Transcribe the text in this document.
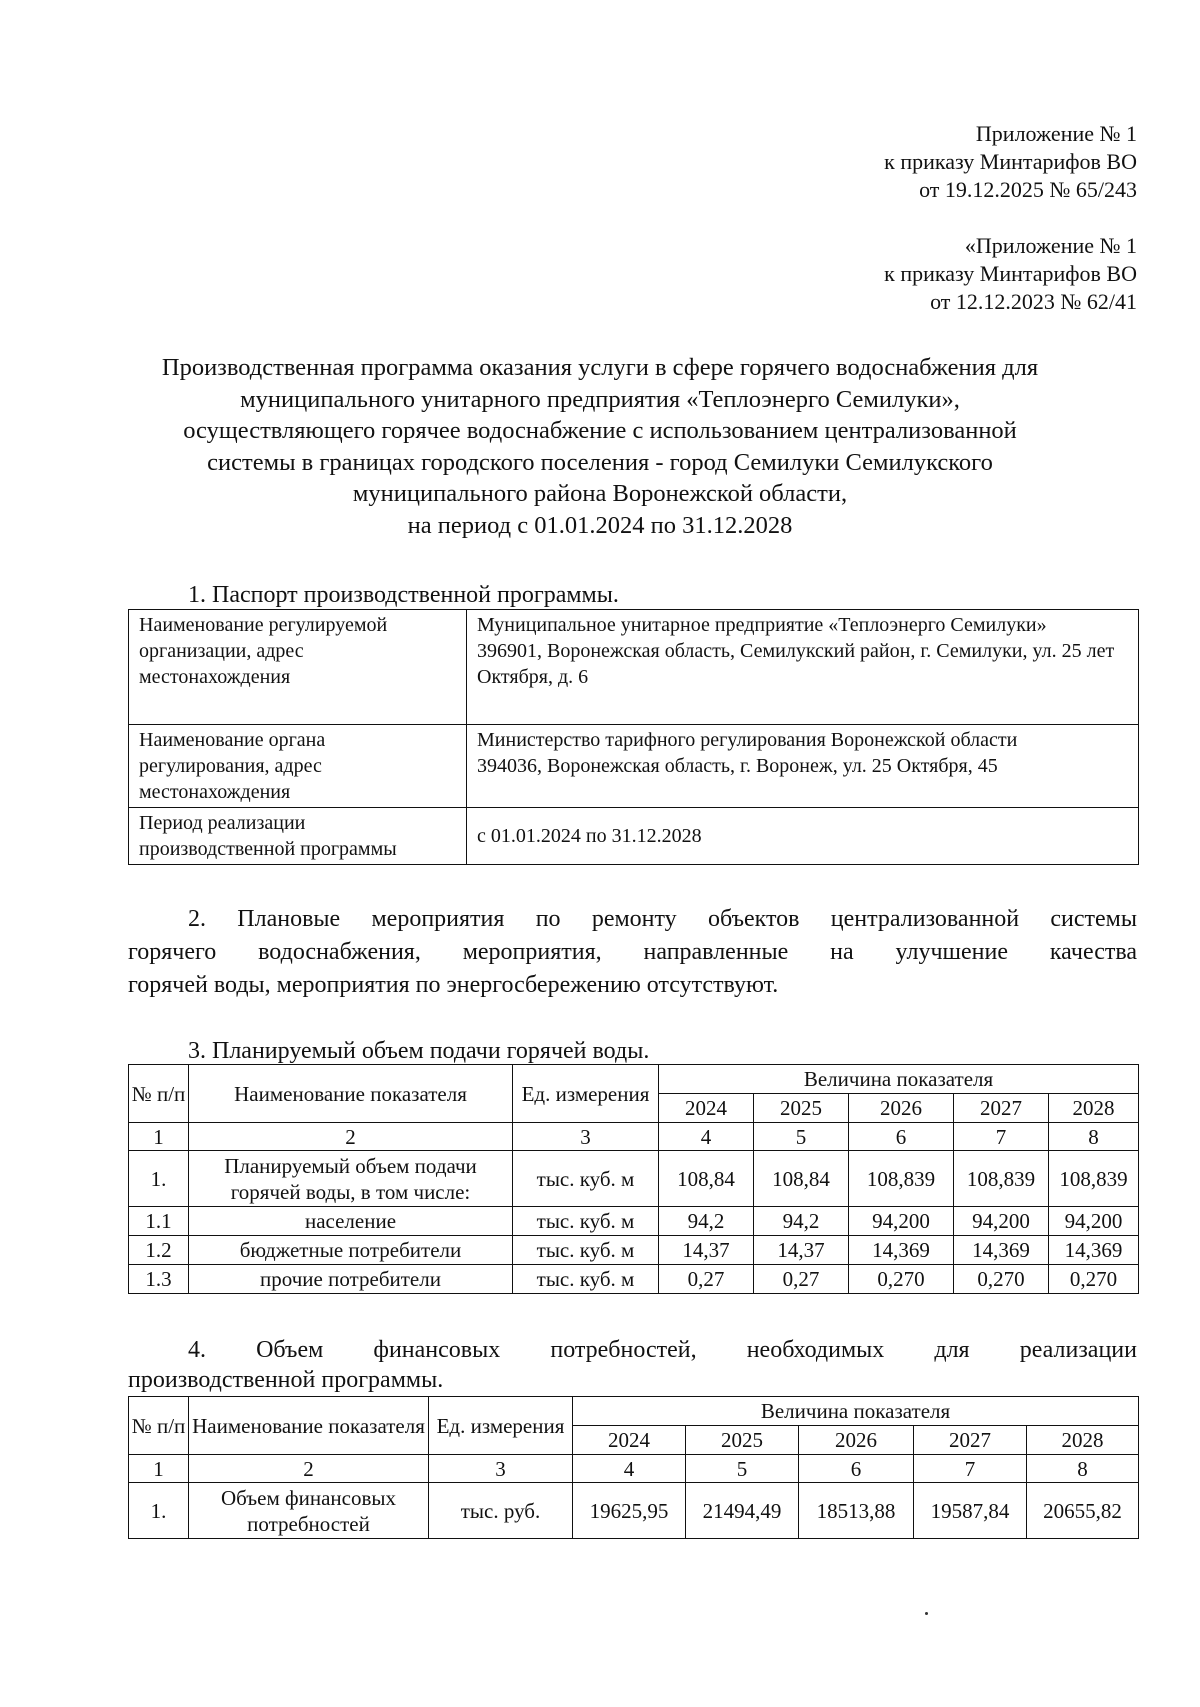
Приложение № 1
к приказу Минтарифов ВО
от 19.12.2025 № 65/243
«Приложение № 1
к приказу Минтарифов ВО
от 12.12.2023 № 62/41
Производственная программа оказания услуги в сфере горячего водоснабжения для
муниципального унитарного предприятия «Теплоэнерго Семилуки»,
осуществляющего горячее водоснабжение с использованием централизованной
системы в границах городского поселения - город Семилуки Семилукского
муниципального района Воронежской области,
на период с 01.01.2024 по 31.12.2028
1. Паспорт производственной программы.
Наименование регулируемой организации, адрес местонахождения	Муниципальное унитарное предприятие «Теплоэнерго Семилуки»
396901, Воронежская область, Семилукский район, г. Семилуки, ул. 25 лет Октября, д. 6

Наименование органа регулирования, адрес местонахождения	Министерство тарифного регулирования Воронежской области
394036, Воронежская область, г. Воронеж, ул. 25 Октября, 45

Период реализации производственной программы	с 01.01.2024 по 31.12.2028
2. Плановые мероприятия по ремонту объектов централизованной системы
горячего водоснабжения, мероприятия, направленные на улучшение качества
горячей воды, мероприятия по энергосбережению отсутствуют.
3. Планируемый объем подачи горячей воды.
№ п/п	Наименование показателя	Ед. измерения	Величина показателя				
			2024	2025	2026	2027	2028
1	2	3	4	5	6	7	8
1.	Планируемый объем подачи горячей воды, в том числе:	тыс. куб. м	108,84	108,84	108,839	108,839	108,839
1.1	население	тыс. куб. м	94,2	94,2	94,200	94,200	94,200
1.2	бюджетные потребители	тыс. куб. м	14,37	14,37	14,369	14,369	14,369
1.3	прочие потребители	тыс. куб. м	0,27	0,27	0,270	0,270	0,270
4. Объем финансовых потребностей, необходимых для реализации
производственной программы.
№ п/п	Наименование показателя	Ед. измерения	Величина показателя				
			2024	2025	2026	2027	2028
1	2	3	4	5	6	7	8
1.	Объем финансовых потребностей	тыс. руб.	19625,95	21494,49	18513,88	19587,84	20655,82
